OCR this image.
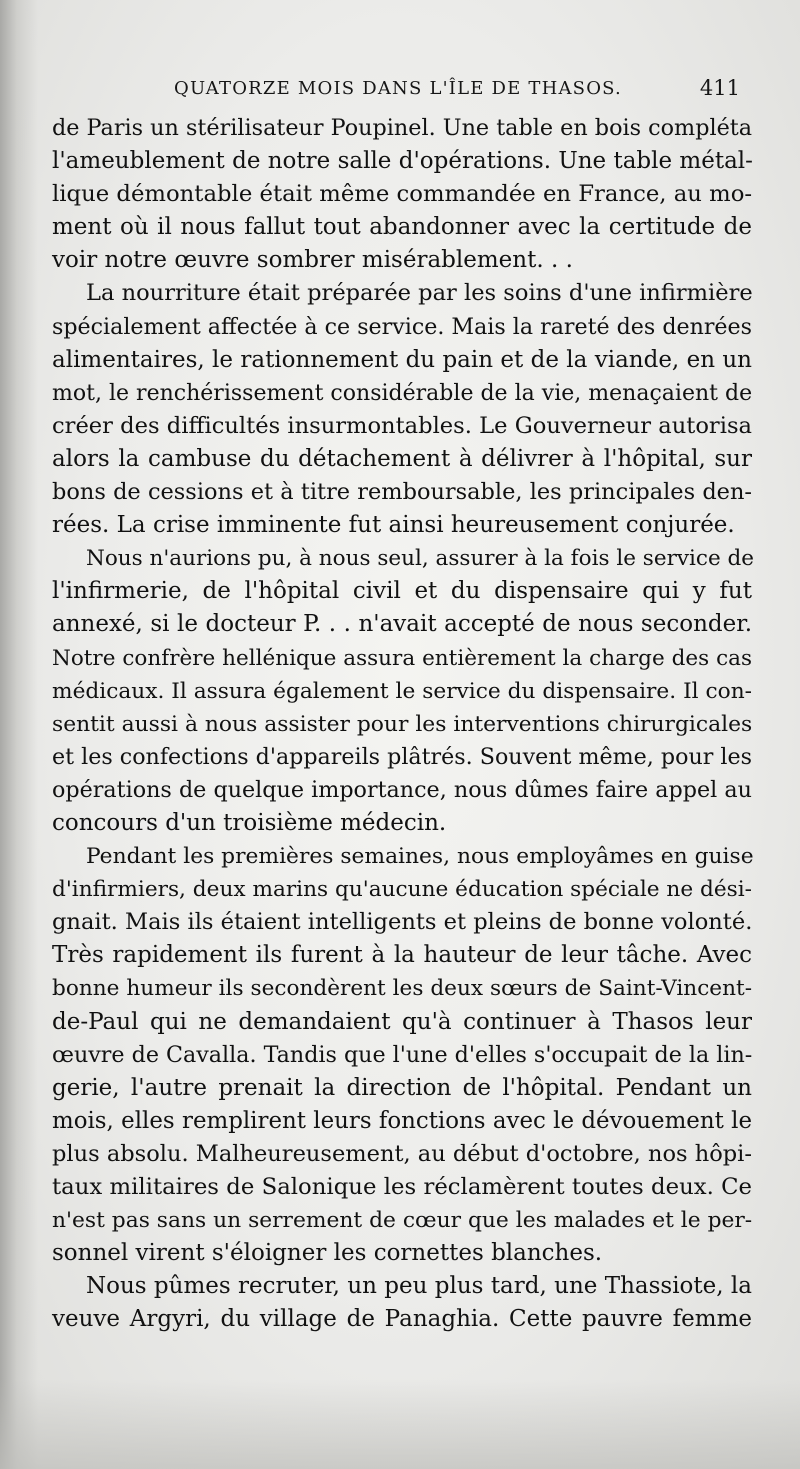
QUATORZE MOIS DANS L'ÎLE DE THASOS.	411
de Paris un stérilisateur Poupinel. Une table en bois compléta
l'ameublement de notre salle d'opérations. Une table métal-
lique démontable était même commandée en France, au mo-
ment où il nous fallut tout abandonner avec la certitude de
voir notre œuvre sombrer misérablement. . .
La nourriture était préparée par les soins d'une infirmière
spécialement affectée à ce service. Mais la rareté des denrées
alimentaires, le rationnement du pain et de la viande, en un
mot, le renchérissement considérable de la vie, menaçaient de
créer des difficultés insurmontables. Le Gouverneur autorisa
alors la cambuse du détachement à délivrer à l'hôpital, sur
bons de cessions et à titre remboursable, les principales den-
rées. La crise imminente fut ainsi heureusement conjurée.
Nous n'aurions pu, à nous seul, assurer à la fois le service de
l'infirmerie, de l'hôpital civil et du dispensaire qui y fut
annexé, si le docteur P. . . n'avait accepté de nous seconder.
Notre confrère hellénique assura entièrement la charge des cas
médicaux. Il assura également le service du dispensaire. Il con-
sentit aussi à nous assister pour les interventions chirurgicales
et les confections d'appareils plâtrés. Souvent même, pour les
opérations de quelque importance, nous dûmes faire appel au
concours d'un troisième médecin.
Pendant les premières semaines, nous employâmes en guise
d'infirmiers, deux marins qu'aucune éducation spéciale ne dési-
gnait. Mais ils étaient intelligents et pleins de bonne volonté.
Très rapidement ils furent à la hauteur de leur tâche. Avec
bonne humeur ils secondèrent les deux sœurs de Saint-Vincent-
de-Paul qui ne demandaient qu'à continuer à Thasos leur
œuvre de Cavalla. Tandis que l'une d'elles s'occupait de la lin-
gerie, l'autre prenait la direction de l'hôpital. Pendant un
mois, elles remplirent leurs fonctions avec le dévouement le
plus absolu. Malheureusement, au début d'octobre, nos hôpi-
taux militaires de Salonique les réclamèrent toutes deux. Ce
n'est pas sans un serrement de cœur que les malades et le per-
sonnel virent s'éloigner les cornettes blanches.
Nous pûmes recruter, un peu plus tard, une Thassiote, la
veuve Argyri, du village de Panaghia. Cette pauvre femme
